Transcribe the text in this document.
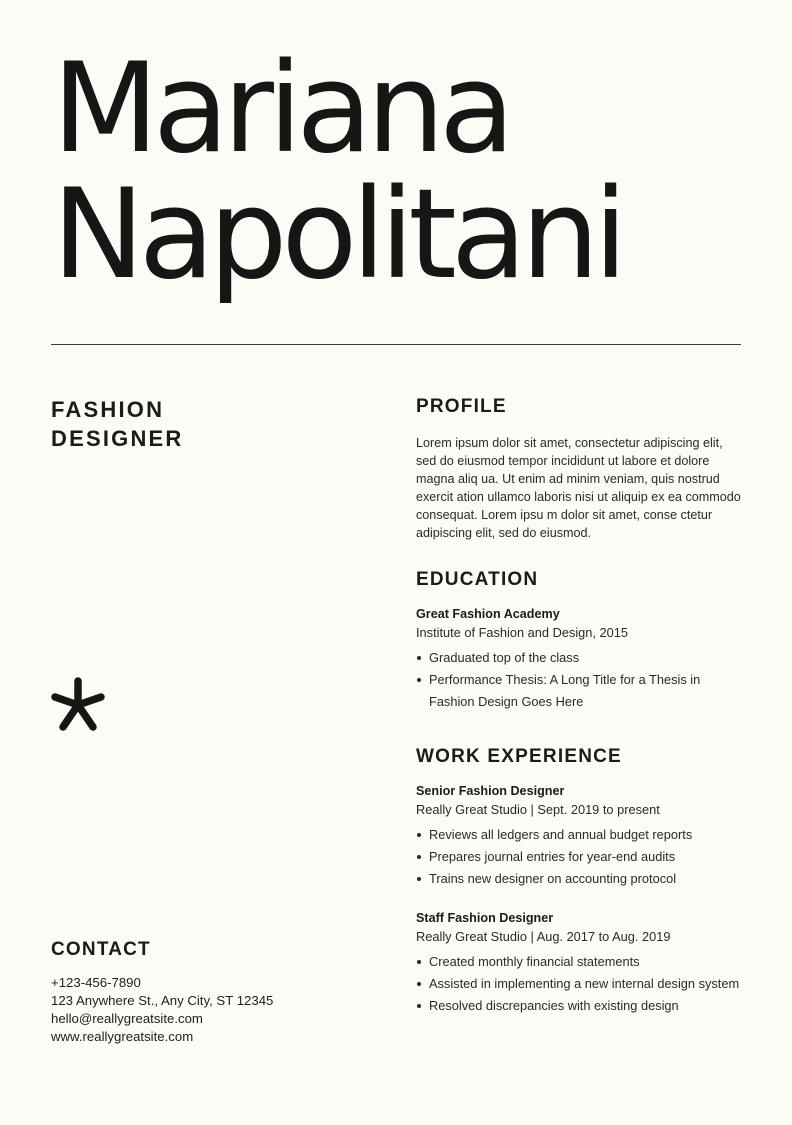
Mariana
Napolitani
FASHION
DESIGNER
CONTACT
+123-456-7890
123 Anywhere St., Any City, ST 12345
hello@reallygreatsite.com
www.reallygreatsite.com
PROFILE

Lorem ipsum dolor sit amet, consectetur adipiscing elit, sed do eiusmod tempor incididunt ut labore et dolore magna aliq ua. Ut enim ad minim veniam, quis nostrud exercit ation ullamco laboris nisi ut aliquip ex ea commodo consequat. Lorem ipsu m dolor sit amet, conse ctetur adipiscing elit, sed do eiusmod.

EDUCATION
Great Fashion Academy
Institute of Fashion and Design, 2015
Graduated top of the class
Performance Thesis: A Long Title for a Thesis in Fashion Design Goes Here
WORK EXPERIENCE
Senior Fashion Designer
Really Great Studio | Sept. 2019 to present
Reviews all ledgers and annual budget reports
Prepares journal entries for year-end audits
Trains new designer on accounting protocol
Staff Fashion Designer
Really Great Studio | Aug. 2017 to Aug. 2019
Created monthly financial statements
Assisted in implementing a new internal design system
Resolved discrepancies with existing design
